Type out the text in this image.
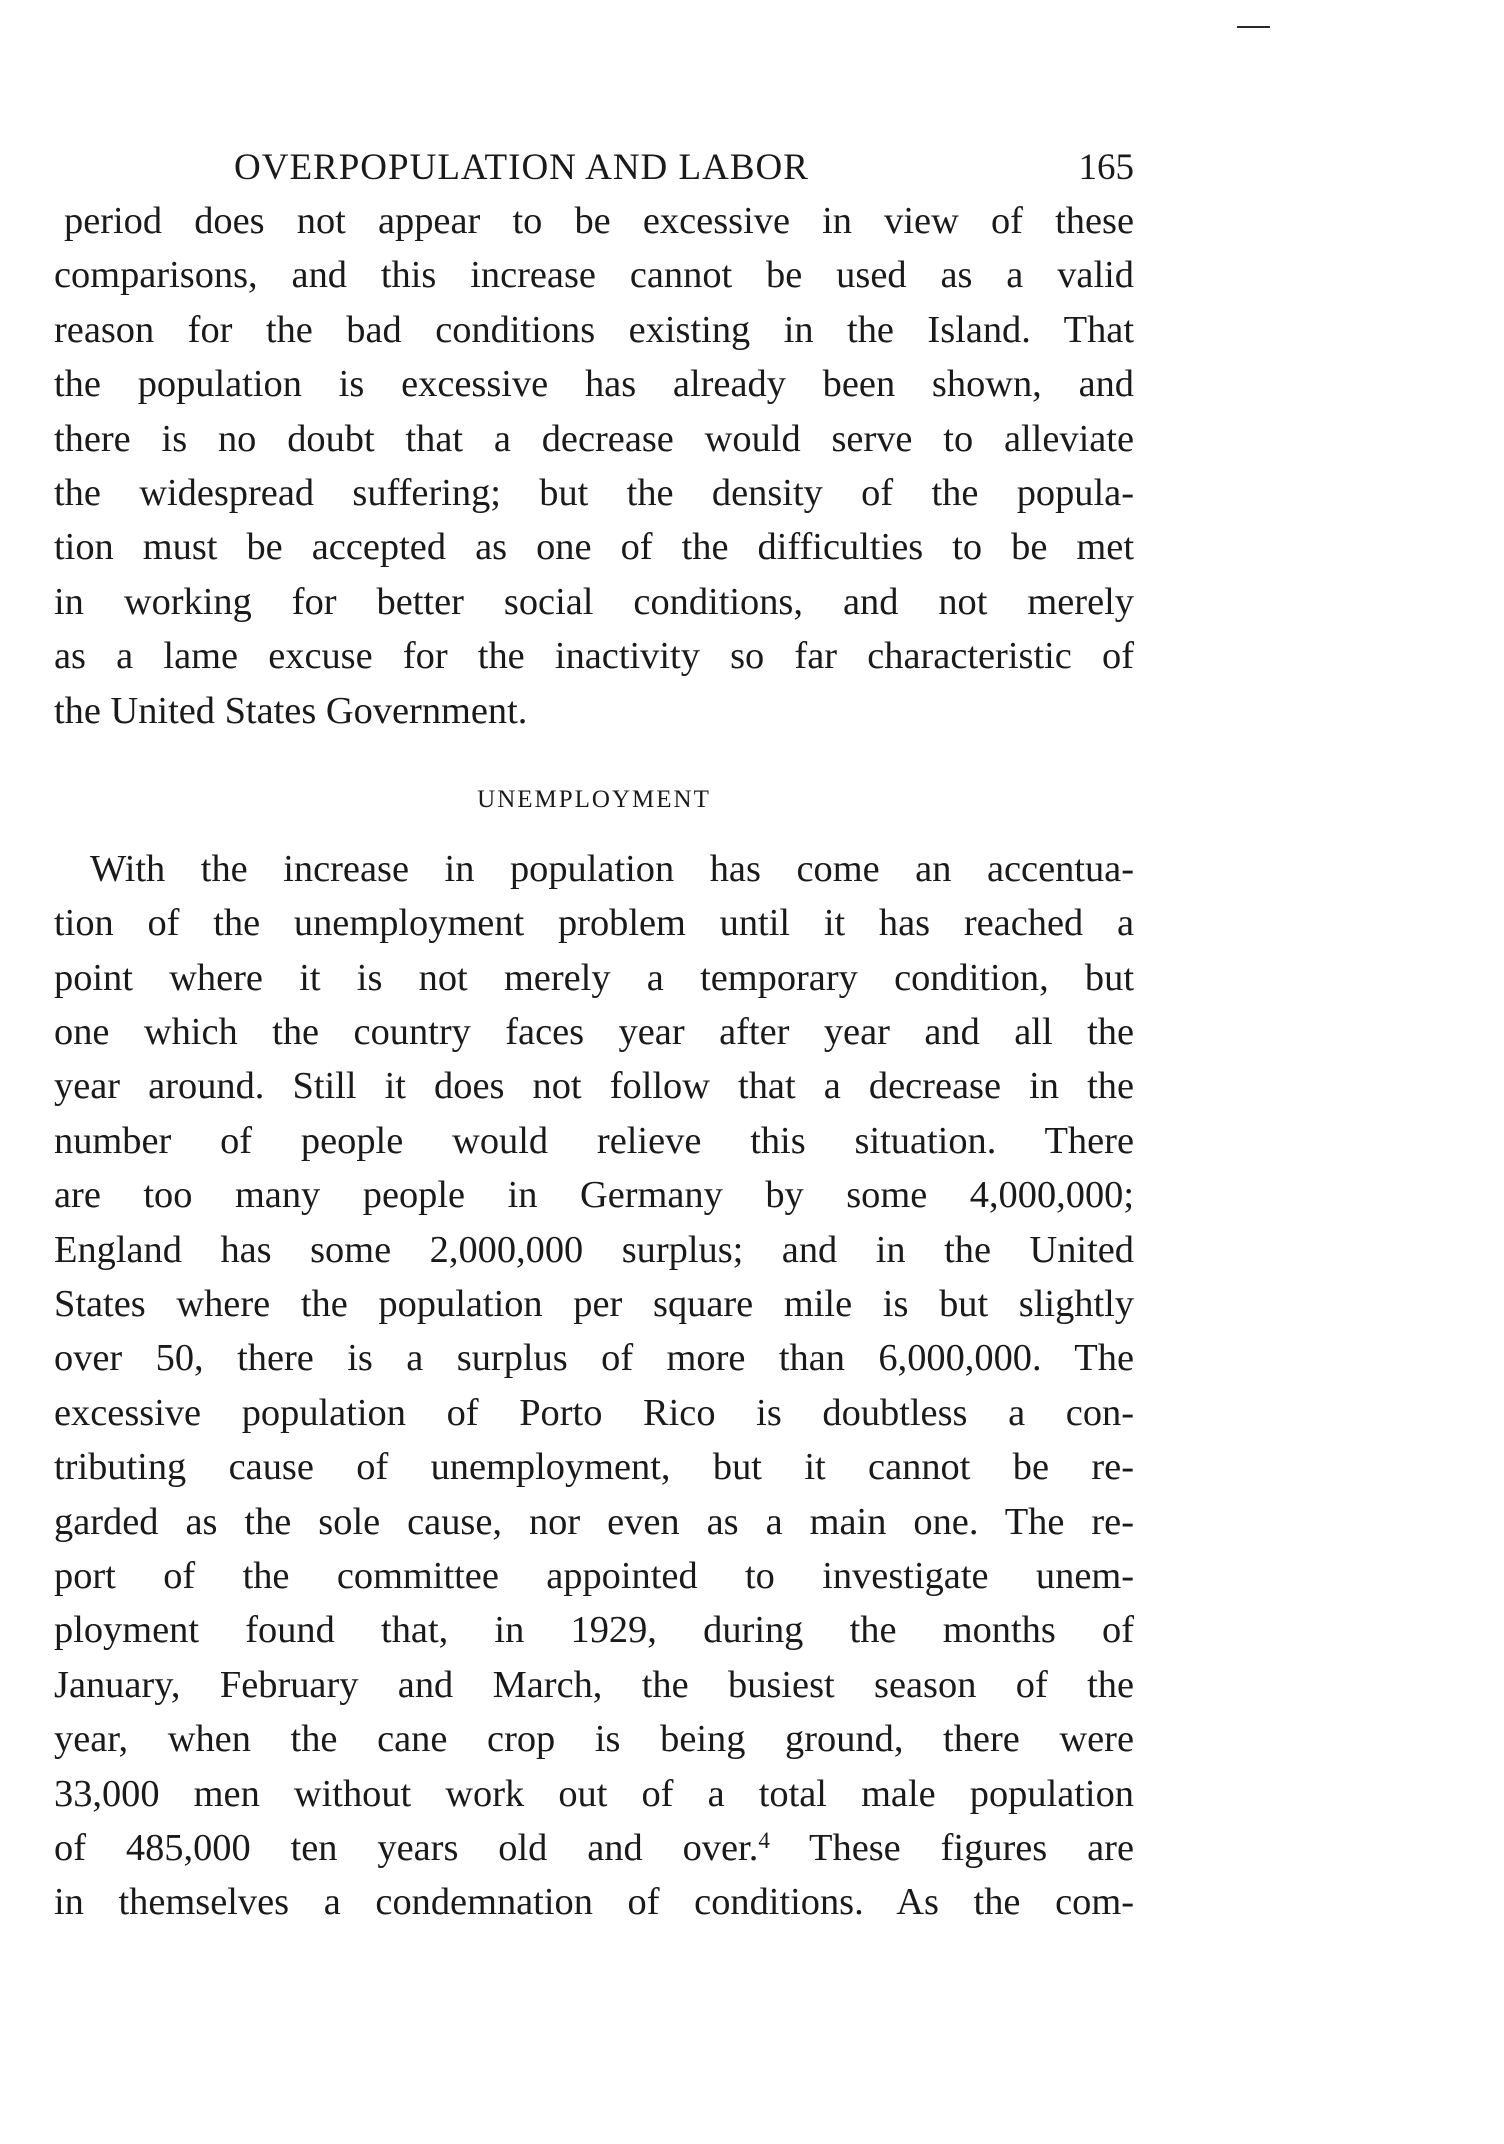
OVERPOPULATION AND LABOR	165
period does not appear to be excessive in view of these
comparisons, and this increase cannot be used as a valid
reason for the bad conditions existing in the Island. That
the population is excessive has already been shown, and
there is no doubt that a decrease would serve to alleviate
the widespread suffering; but the density of the popula-
tion must be accepted as one of the difficulties to be met
in working for better social conditions, and not merely
as a lame excuse for the inactivity so far characteristic of
the United States Government.
UNEMPLOYMENT
With the increase in population has come an accentua-
tion of the unemployment problem until it has reached a
point where it is not merely a temporary condition, but
one which the country faces year after year and all the
year around. Still it does not follow that a decrease in the
number of people would relieve this situation. There
are too many people in Germany by some 4,000,000;
England has some 2,000,000 surplus; and in the United
States where the population per square mile is but slightly
over 50, there is a surplus of more than 6,000,000. The
excessive population of Porto Rico is doubtless a con-
tributing cause of unemployment, but it cannot be re-
garded as the sole cause, nor even as a main one. The re-
port of the committee appointed to investigate unem-
ployment found that, in 1929, during the months of
January, February and March, the busiest season of the
year, when the cane crop is being ground, there were
33,000 men without work out of a total male population
of 485,000 ten years old and over.$^4$ These figures are
in themselves a condemnation of conditions. As the com-
